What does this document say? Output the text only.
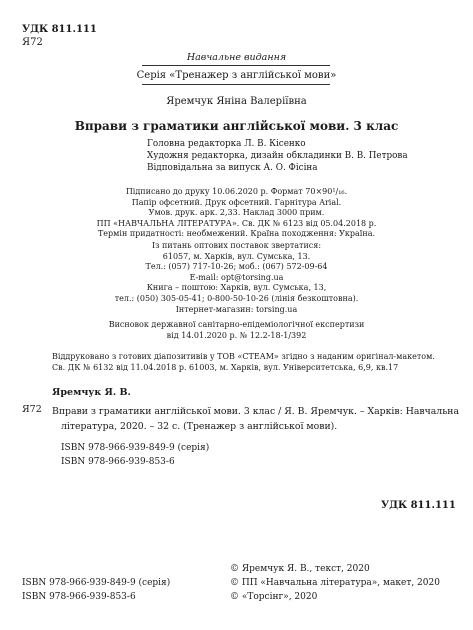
УДК 811.111
Я72
Навчальне видання
Серія «Тренажер з англійської мови»
Яремчук Яніна Валеріївна
Вправи з граматики англійської мови. 3 клас
Головна редакторка Л. В. Кісенко
Художня редакторка, дизайн обкладинки В. В. Петрова
Відповідальна за випуск А. О. Фісіна
Підписано до друку 10.06.2020 р. Формат 70×90¹/₁₆.
Папір офсетний. Друк офсетний. Гарнітура Arial.
Умов. друк. арк. 2,33. Наклад 3000 прим.
ПП «НАВЧАЛЬНА ЛІТЕРАТУРА». Св. ДК № 6123 від 05.04.2018 р.
Термін придатності: необмежений. Країна походження: Україна.
Із питань оптових поставок звертатися:
61057, м. Харків, вул. Сумська, 13.
Тел.: (057) 717-10-26; моб.: (067) 572-09-64
E-mail: opt@torsing.ua
Книга – поштою: Харків, вул. Сумська, 13,
тел.: (050) 305-05-41; 0-800-50-10-26 (лінія безкоштовна).
Інтернет-магазин: torsing.ua
Висновок державної санітарно-епідеміологічної експертизи
від 14.01.2020 р. № 12.2-18-1/392
Віддруковано з готових діапозитивів у ТОВ «СТЕАМ» згідно з наданим оригінал-макетом.
Св. ДК № 6132 від 11.04.2018 р. 61003, м. Харків, вул. Університетська, 6,9, кв.17
Яремчук Я. В.
Я72 Вправи з граматики англійської мови. 3 клас / Я. В. Яремчук. – Харків: Навчальна
література, 2020. – 32 с. (Тренажер з англійської мови).
ISBN 978-966-939-849-9 (серія)
ISBN 978-966-939-853-6
УДК 811.111
ISBN 978-966-939-849-9 (серія)
ISBN 978-966-939-853-6
© Яремчук Я. В., текст, 2020
© ПП «Навчальна література», макет, 2020
© «Торсінг», 2020
